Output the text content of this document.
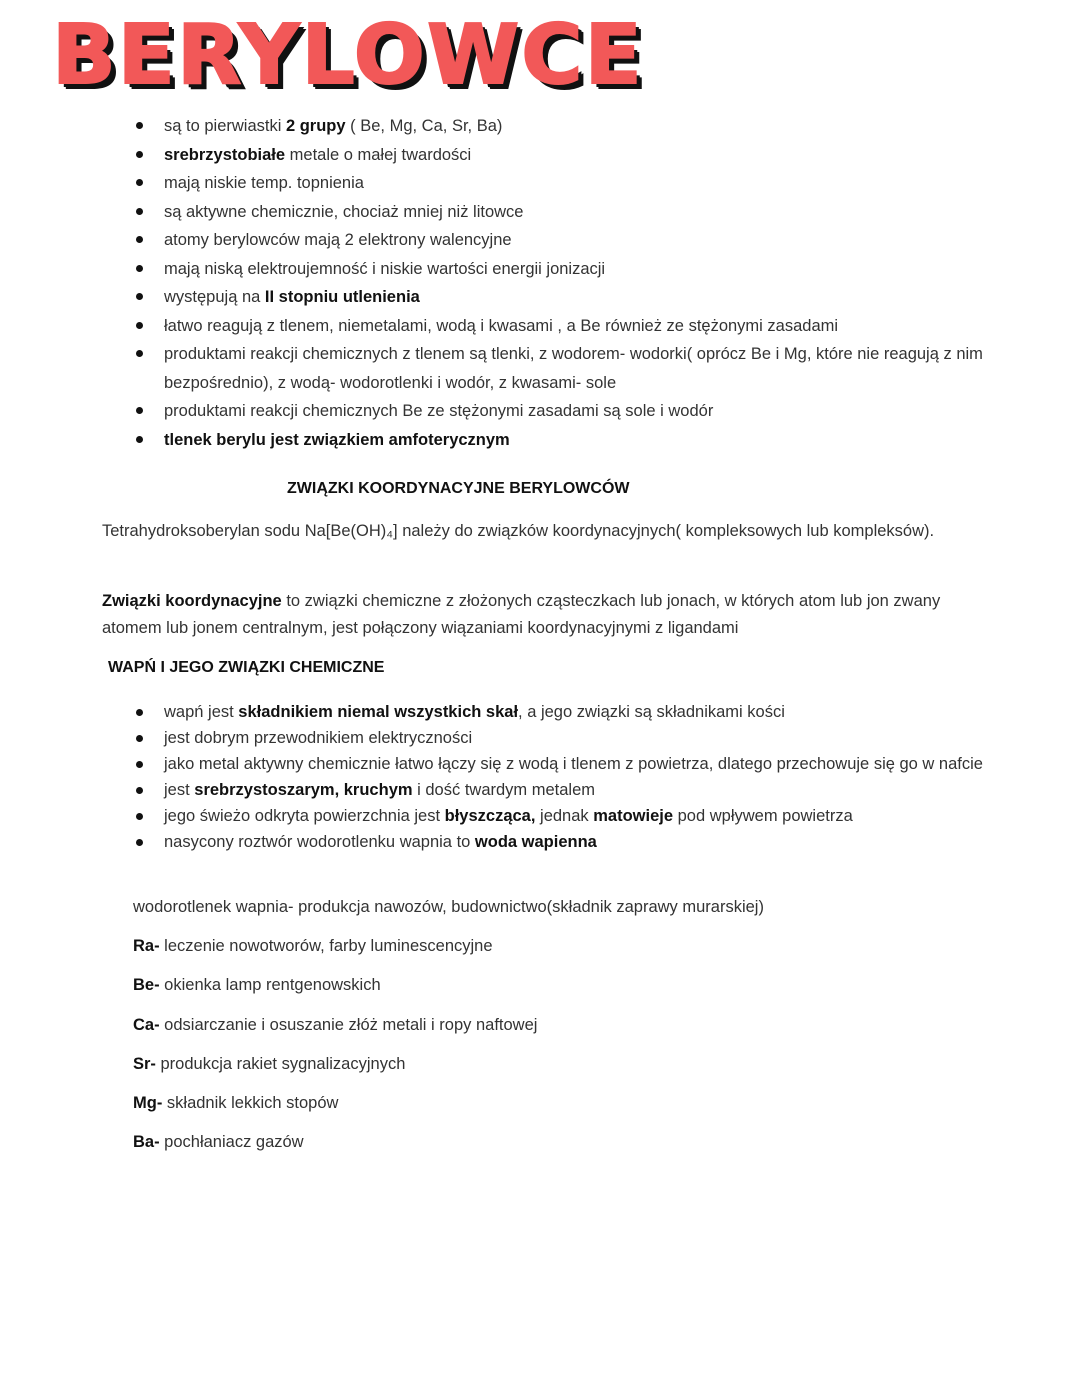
BERYLOWCE
są to pierwiastki 2 grupy ( Be, Mg, Ca, Sr, Ba)
srebrzystobiałe metale o małej twardości
mają niskie temp. topnienia
są aktywne chemicznie, chociaż mniej niż litowce
atomy berylowców mają 2 elektrony walencyjne
mają niską elektroujemność i niskie wartości energii jonizacji
występują na II stopniu utlenienia
łatwo reagują z tlenem, niemetalami, wodą i kwasami , a Be również ze stężonymi zasadami
produktami reakcji chemicznych z tlenem są tlenki, z wodorem- wodorki( oprócz Be i Mg, które nie reagują z nim bezpośrednio), z wodą- wodorotlenki i wodór, z kwasami- sole
produktami reakcji chemicznych Be ze stężonymi zasadami są sole i wodór
tlenek berylu jest związkiem amfoterycznym
ZWIĄZKI KOORDYNACYJNE BERYLOWCÓW
Tetrahydroksoberylan sodu Na[Be(OH)₄] należy do związków koordynacyjnych( kompleksowych lub kompleksów).
Związki koordynacyjne to związki chemiczne z złożonych cząsteczkach lub jonach, w których atom lub jon zwany atomem lub jonem centralnym, jest połączony wiązaniami koordynacyjnymi z ligandami
WAPŃ I JEGO ZWIĄZKI CHEMICZNE
wapń jest składnikiem niemal wszystkich skał, a jego związki są składnikami kości
jest dobrym przewodnikiem elektryczności
jako metal aktywny chemicznie łatwo łączy się z wodą i tlenem z powietrza, dlatego przechowuje się go w nafcie
jest srebrzystoszarym, kruchym i dość twardym metalem
jego świeżo odkryta powierzchnia jest błyszcząca, jednak matowieje pod wpływem powietrza
nasycony roztwór wodorotlenku wapnia to woda wapienna
wodorotlenek wapnia- produkcja nawozów, budownictwo(składnik zaprawy murarskiej)
Ra- leczenie nowotworów, farby luminescencyjne
Be- okienka lamp rentgenowskich
Ca- odsiarczanie i osuszanie złóż metali i ropy naftowej
Sr- produkcja rakiet sygnalizacyjnych
Mg- składnik lekkich stopów
Ba- pochłaniacz gazów
